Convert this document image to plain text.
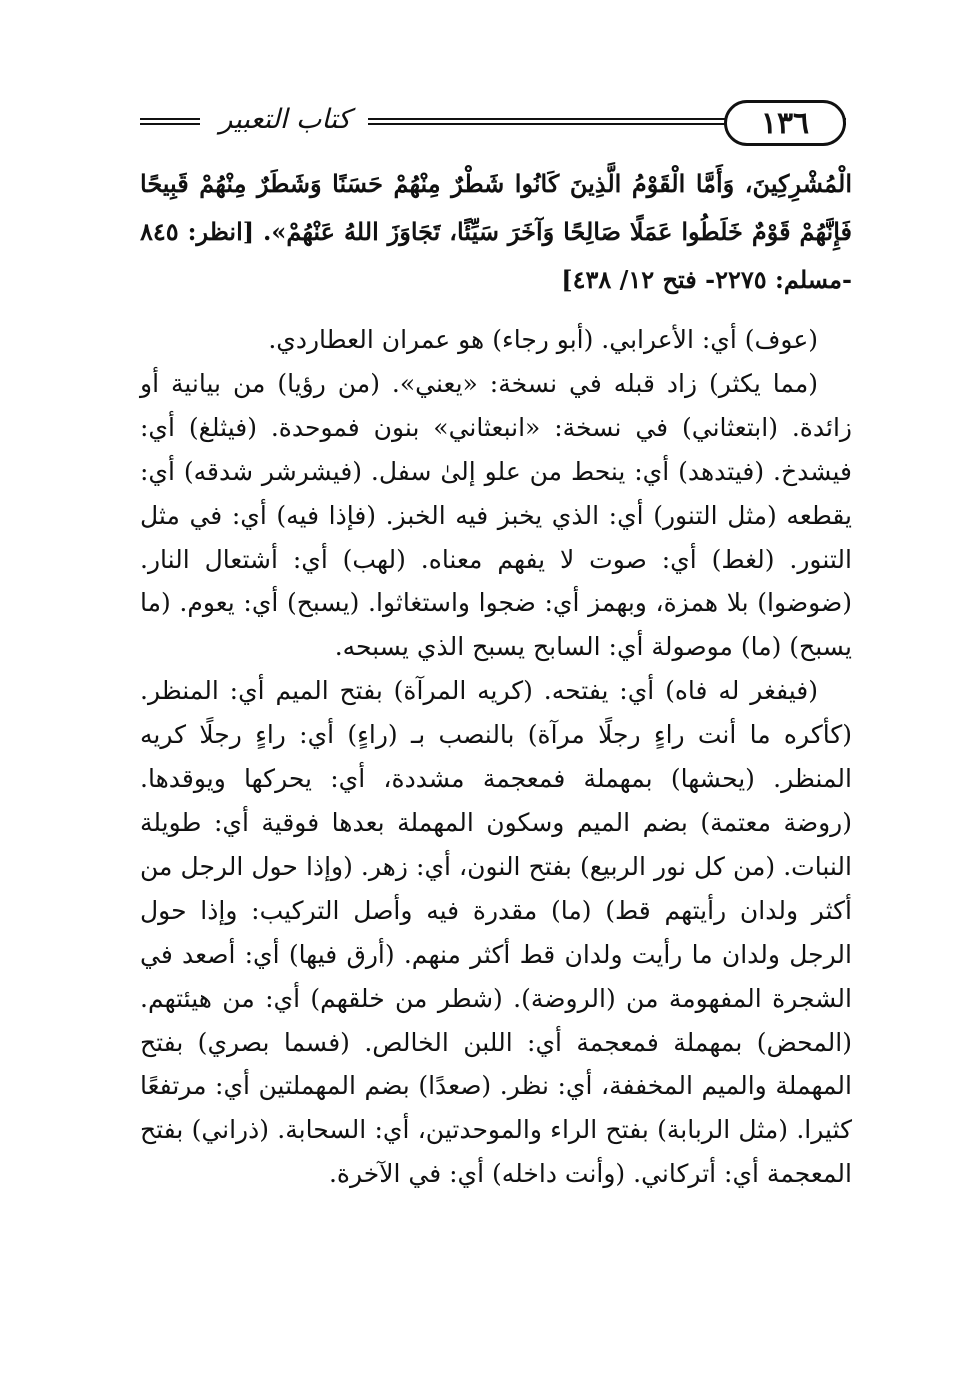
كتاب التعبير	١٣٦

الْمُشْرِكِينَ، وَأَمَّا الْقَوْمُ الَّذِينَ كَانُوا شَطْرٌ مِنْهُمْ حَسَنًا وَشَطَرٌ مِنْهُمْ قَبِيحًا فَإِنَّهُمْ قَوْمٌ خَلَطُوا عَمَلًا صَالِحًا وَآخَرَ سَيِّئًا، تَجَاوَزَ اللهُ عَنْهُمْ». [انظر: ٨٤٥ -مسلم: ٢٢٧٥- فتح ١٢/ ٤٣٨]

(عوف) أي: الأعرابي. (أبو رجاء) هو عمران العطاردي.

(مما يكثر) زاد قبله في نسخة: «يعني». (من رؤيا) من بيانية أو زائدة. (ابتعثاني) في نسخة: «انبعثاني» بنون فموحدة. (فيثلغ) أي: فيشدخ. (فيتدهد) أي: ينحط من علو إلىٰ سفل. (فيشرشر شدقه) أي: يقطعه (مثل التنور) أي: الذي يخبز فيه الخبز. (فإذا فيه) أي: في مثل التنور. (لغط) أي: صوت لا يفهم معناه. (لهب) أي: أشتعال النار. (ضوضوا) بلا همزة، وبهمز أي: ضجوا واستغاثوا. (يسبح) أي: يعوم. (ما يسبح) (ما) موصولة أي: السابح يسبح الذي يسبحه.

(فيفغر له فاه) أي: يفتحه. (كريه المرآة) بفتح الميم أي: المنظر. (كأكره ما أنت راءٍ رجلًا مرآة) بالنصب بـ (راءٍ) أي: راءٍ رجلًا كريه المنظر. (يحشها) بمهملة فمعجمة مشددة، أي: يحركها ويوقدها. (روضة معتمة) بضم الميم وسكون المهملة بعدها فوقية أي: طويلة النبات. (من كل نور الربيع) بفتح النون، أي: زهر. (وإذا حول الرجل من أكثر ولدان رأيتهم قط) (ما) مقدرة فيه وأصل التركيب: وإذا حول الرجل ولدان ما رأيت ولدان قط أكثر منهم. (أرق فيها) أي: أصعد في الشجرة المفهومة من (الروضة). (شطر من خلقهم) أي: من هيئتهم. (المحض) بمهملة فمعجمة أي: اللبن الخالص. (فسما بصري) بفتح المهملة والميم المخففة، أي: نظر. (صعدًا) بضم المهملتين أي: مرتفعًا كثيرا. (مثل الربابة) بفتح الراء والموحدتين، أي: السحابة. (ذراني) بفتح المعجمة أي: أتركاني. (وأنت داخله) أي: في الآخرة.
